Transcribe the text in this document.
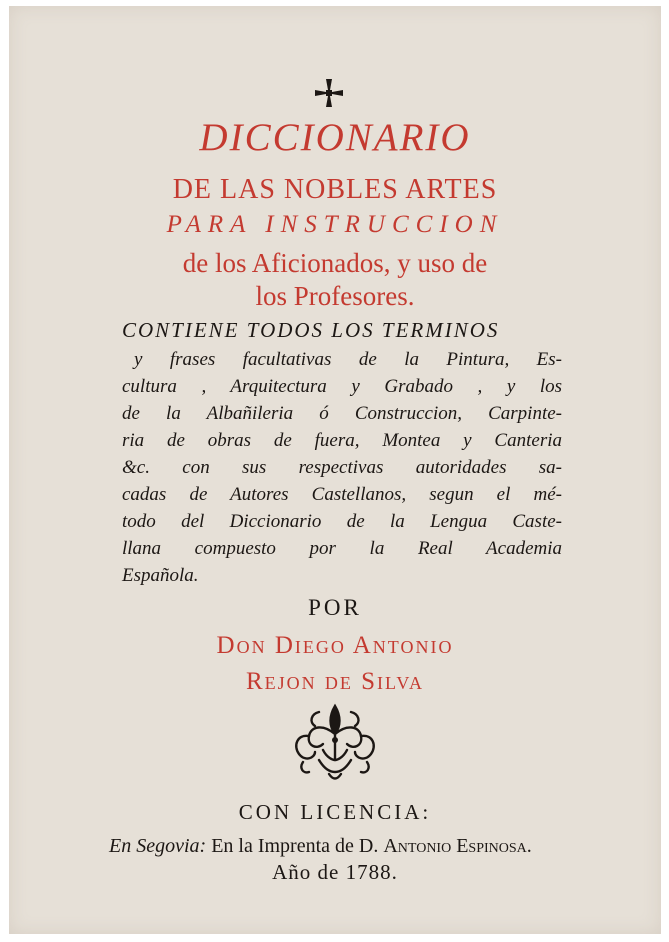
DICCIONARIO
DE LAS NOBLES ARTES
PARA INSTRUCCION
de los Aficionados, y uso de
los Profesores.
CONTIENE TODOS LOS TERMINOS
y frases facultativas de la Pintura, Es-
cultura , Arquitectura y Grabado , y los
de la Albañileria ó Construccion, Carpinte-
ria de obras de fuera, Montea y Canteria
&c. con sus respectivas autoridades sa-
cadas de Autores Castellanos, segun el mé-
todo del Diccionario de la Lengua Caste-
llana compuesto por la Real Academia
Española.
POR
Don Diego Antonio
Rejon de Silva
CON LICENCIA:
En Segovia: En la Imprenta de D. Antonio Espinosa.
Año de 1788.
